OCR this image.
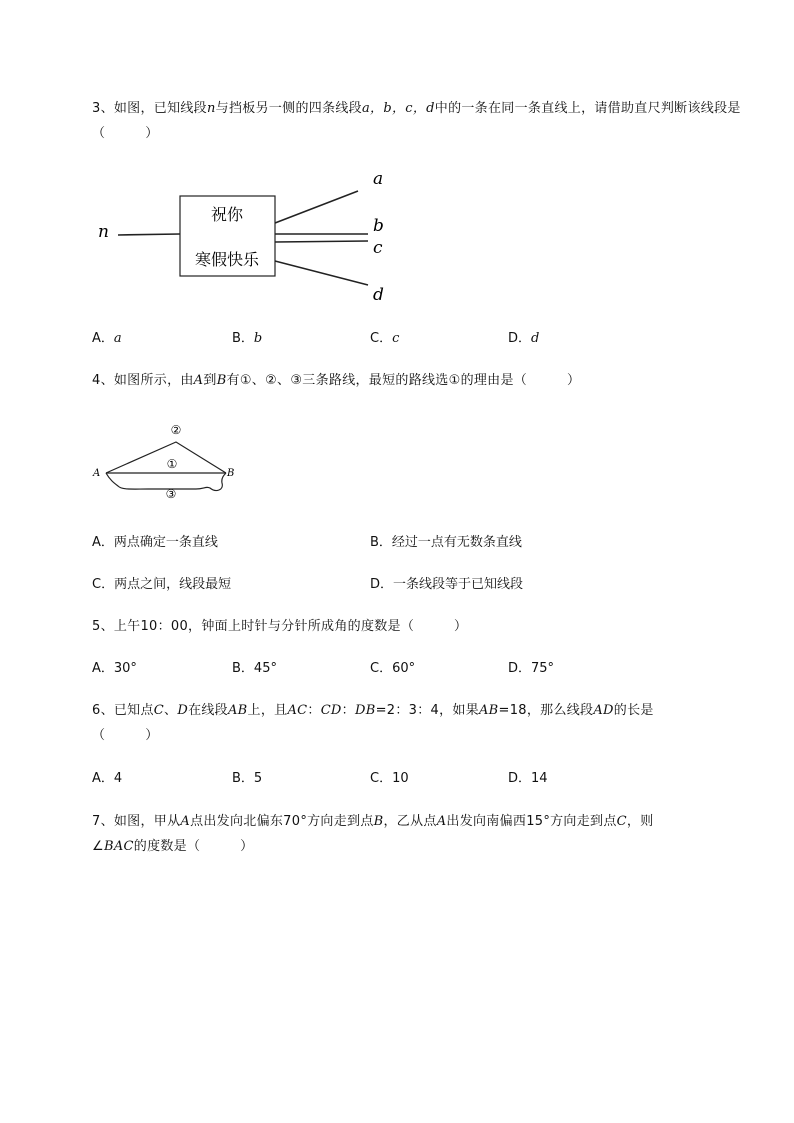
3、如图，已知线段n与挡板另一侧的四条线段a，b，c，d中的一条在同一条直线上，请借助直尺判断该线段是（　　　）
祝你
寒假快乐
n
a
b
c
d
A．a	B．b	C．c	D．d
4、如图所示，由A到B有①、②、③三条路线，最短的路线选①的理由是（　　　）
A	B
②
①
③
A．两点确定一条直线	B．经过一点有无数条直线
C．两点之间，线段最短	D．一条线段等于已知线段
5、上午10：00，钟面上时针与分针所成角的度数是（　　　）
A．30°	B．45°	C．60°	D．75°
6、已知点C、D在线段AB上，且AC：CD：DB=2：3：4，如果AB=18，那么线段AD的长是
（　　　）
A．4	B．5	C．10	D．14
7、如图，甲从A点出发向北偏东70°方向走到点B，乙从点A出发向南偏西15°方向走到点C，则
∠BAC的度数是（　　　）
